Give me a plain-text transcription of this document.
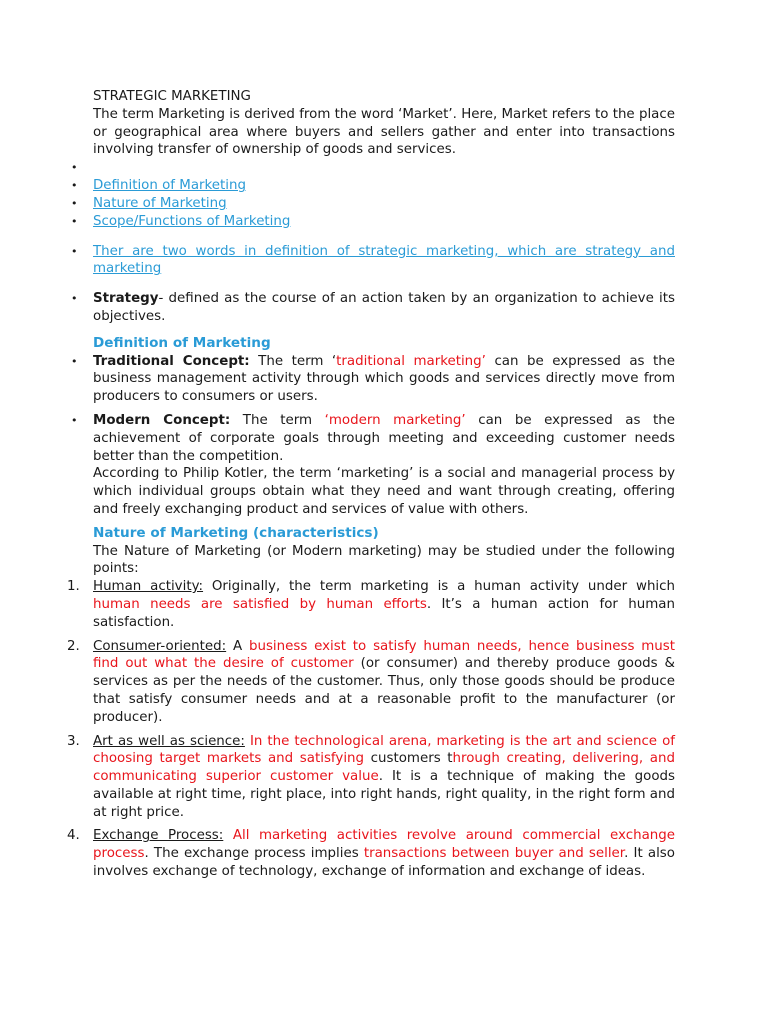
STRATEGIC MARKETING

The term Marketing is derived from the word ‘Market’. Here, Market refers to the place or geographical area where buyers and sellers gather and enter into transactions involving transfer of ownership of goods and services.

•
• Definition of Marketing
• Nature of Marketing
• Scope/Functions of Marketing
• Ther are two words in definition of strategic marketing, which are strategy and marketing
• Strategy- defined as the course of an action taken by an organization to achieve its objectives.

Definition of Marketing

• Traditional Concept: The term ‘traditional marketing’ can be expressed as the business management activity through which goods and services directly move from producers to consumers or users.
• Modern Concept: The term ‘modern marketing’ can be expressed as the achievement of corporate goals through meeting and exceeding customer needs better than the competition.

According to Philip Kotler, the term ‘marketing’ is a social and managerial process by which individual groups obtain what they need and want through creating, offering and freely exchanging product and services of value with others.

Nature of Marketing (characteristics)

The Nature of Marketing (or Modern marketing) may be studied under the following points:

1. Human activity: Originally, the term marketing is a human activity under which human needs are satisfied by human efforts. It’s a human action for human satisfaction.
2. Consumer-oriented: A business exist to satisfy human needs, hence business must find out what the desire of customer (or consumer) and thereby produce goods & services as per the needs of the customer. Thus, only those goods should be produce that satisfy consumer needs and at a reasonable profit to the manufacturer (or producer).
3. Art as well as science: In the technological arena, marketing is the art and science of choosing target markets and satisfying customers through creating, delivering, and communicating superior customer value. It is a technique of making the goods available at right time, right place, into right hands, right quality, in the right form and at right price.
4. Exchange Process: All marketing activities revolve around commercial exchange process. The exchange process implies transactions between buyer and seller. It also involves exchange of technology, exchange of information and exchange of ideas.
